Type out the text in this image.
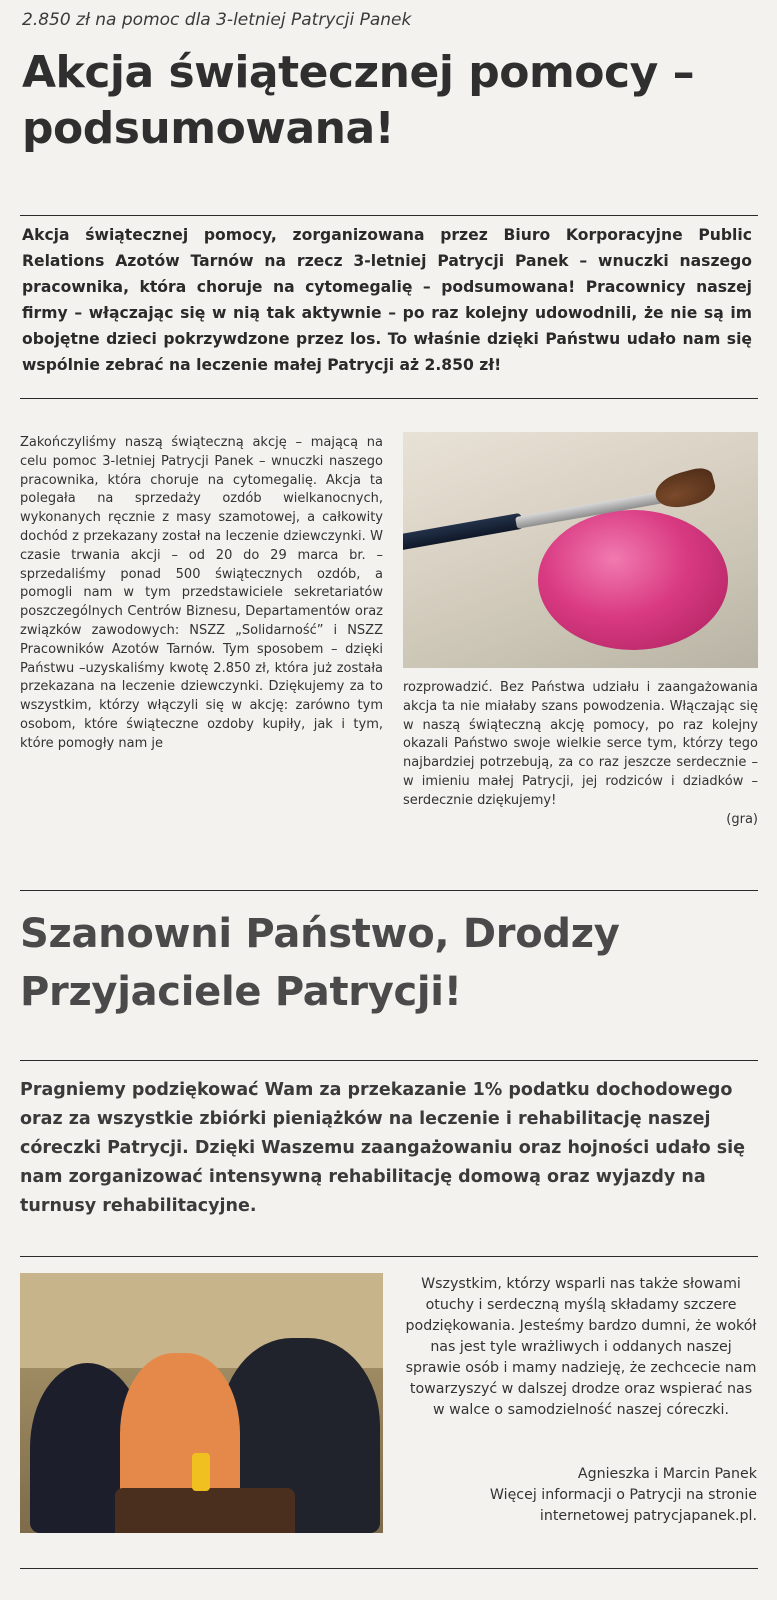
2.850 zł na pomoc dla 3-letniej Patrycji Panek
Akcja świątecznej pomocy – podsumowana!
Akcja świątecznej pomocy, zorganizowana przez Biuro Korporacyjne Public Relations Azotów Tarnów na rzecz 3-letniej Patrycji Panek – wnuczki naszego pracownika, która choruje na cytomegalię – podsumowana! Pracownicy naszej firmy – włączając się w nią tak aktywnie – po raz kolejny udowodnili, że nie są im obojętne dzieci pokrzywdzone przez los. To właśnie dzięki Państwu udało nam się wspólnie zebrać na leczenie małej Patrycji aż 2.850 zł!
Zakończyliśmy naszą świąteczną akcję – mającą na celu pomoc 3-letniej Patrycji Panek – wnuczki naszego pracownika, która choruje na cytomegalię. Akcja ta polegała na sprzedaży ozdób wielkanocnych, wykonanych ręcznie z masy szamotowej, a całkowity dochód z przekazany został na leczenie dziewczynki. W czasie trwania akcji – od 20 do 29 marca br. – sprzedaliśmy ponad 500 świątecznych ozdób, a pomogli nam w tym przedstawiciele sekretariatów poszczególnych Centrów Biznesu, Departamentów oraz związków zawodowych: NSZZ „Solidarność” i NSZZ Pracowników Azotów Tarnów. Tym sposobem – dzięki Państwu –uzyskaliśmy kwotę 2.850 zł, która już została przekazana na leczenie dziewczynki. Dziękujemy za to wszystkim, którzy włączyli się w akcję: zarówno tym osobom, które świąteczne ozdoby kupiły, jak i tym, które pomogły nam je
rozprowadzić. Bez Państwa udziału i zaangażowania akcja ta nie miałaby szans powodzenia. Włączając się w naszą świąteczną akcję pomocy, po raz kolejny okazali Państwo swoje wielkie serce tym, którzy tego najbardziej potrzebują, za co raz jeszcze serdecznie – w imieniu małej Patrycji, jej rodziców i dziadków – serdecznie dziękujemy!
(gra)
Szanowni Państwo, Drodzy Przyjaciele Patrycji!
Pragniemy podziękować Wam za przekazanie 1% podatku dochodowego oraz za wszystkie zbiórki pieniążków na leczenie i rehabilitację naszej córeczki Patrycji. Dzięki Waszemu zaangażowaniu oraz hojności udało się nam zorganizować intensywną rehabilitację domową oraz wyjazdy na turnusy rehabilitacyjne.
Wszystkim, którzy wsparli nas także słowami otuchy i serdeczną myślą składamy szczere podziękowania. Jesteśmy bardzo dumni, że wokół nas jest tyle wrażliwych i oddanych naszej sprawie osób i mamy nadzieję, że zechcecie nam towarzyszyć w dalszej drodze oraz wspierać nas w walce o samodzielność naszej córeczki.
Agnieszka i Marcin Panek
Więcej informacji o Patrycji na stronie
internetowej patrycjapanek.pl.
